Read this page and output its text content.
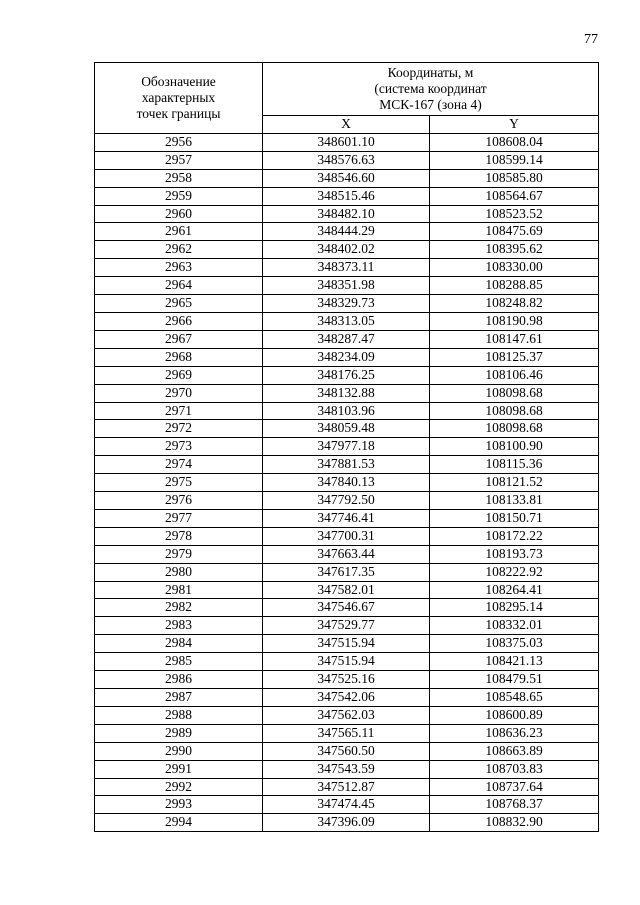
77
Обозначение
характерных
точек границы	Координаты, м
(система координат
МСК-167 (зона 4)	
	X	Y
2956	348601.10	108608.04
2957	348576.63	108599.14
2958	348546.60	108585.80
2959	348515.46	108564.67
2960	348482.10	108523.52
2961	348444.29	108475.69
2962	348402.02	108395.62
2963	348373.11	108330.00
2964	348351.98	108288.85
2965	348329.73	108248.82
2966	348313.05	108190.98
2967	348287.47	108147.61
2968	348234.09	108125.37
2969	348176.25	108106.46
2970	348132.88	108098.68
2971	348103.96	108098.68
2972	348059.48	108098.68
2973	347977.18	108100.90
2974	347881.53	108115.36
2975	347840.13	108121.52
2976	347792.50	108133.81
2977	347746.41	108150.71
2978	347700.31	108172.22
2979	347663.44	108193.73
2980	347617.35	108222.92
2981	347582.01	108264.41
2982	347546.67	108295.14
2983	347529.77	108332.01
2984	347515.94	108375.03
2985	347515.94	108421.13
2986	347525.16	108479.51
2987	347542.06	108548.65
2988	347562.03	108600.89
2989	347565.11	108636.23
2990	347560.50	108663.89
2991	347543.59	108703.83
2992	347512.87	108737.64
2993	347474.45	108768.37
2994	347396.09	108832.90
